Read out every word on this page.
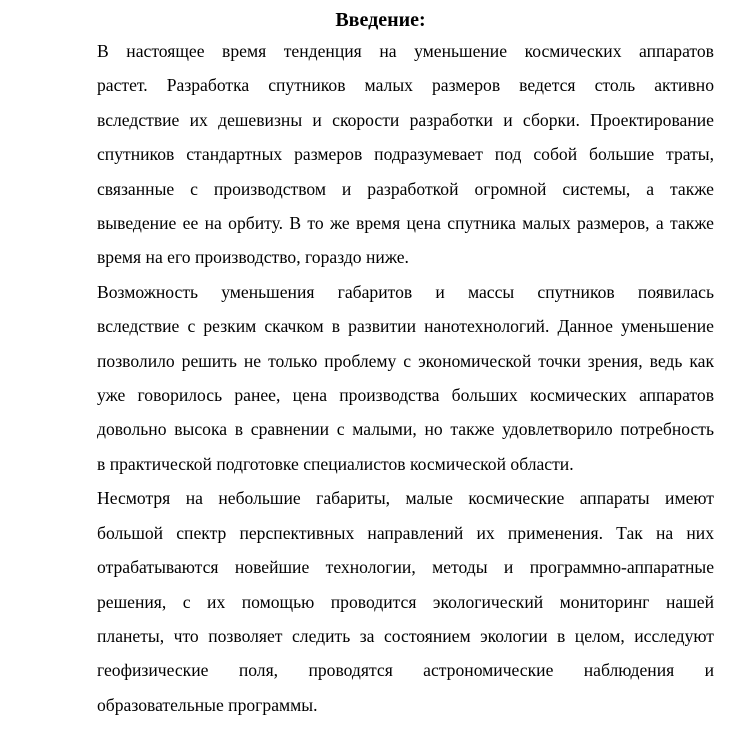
Введение:

В настоящее время тенденция на уменьшение космических аппаратов
растет. Разработка спутников малых размеров ведется столь активно
вследствие их дешевизны и скорости разработки и сборки. Проектирование
спутников стандартных размеров подразумевает под собой большие траты,
связанные с производством и разработкой огромной системы, а также
выведение ее на орбиту. В то же время цена спутника малых размеров, а также
время на его производство, гораздо ниже.

Возможность уменьшения габаритов и массы спутников появилась
вследствие с резким скачком в развитии нанотехнологий. Данное уменьшение
позволило решить не только проблему с экономической точки зрения, ведь как
уже говорилось ранее, цена производства больших космических аппаратов
довольно высока в сравнении с малыми, но также удовлетворило потребность
в практической подготовке специалистов космической области.

Несмотря на небольшие габариты, малые космические аппараты имеют
большой спектр перспективных направлений их применения. Так на них
отрабатываются новейшие технологии, методы и программно-аппаратные
решения, с их помощью проводится экологический мониторинг нашей
планеты, что позволяет следить за состоянием экологии в целом, исследуют
геофизические поля, проводятся астрономические наблюдения и
образовательные программы.
